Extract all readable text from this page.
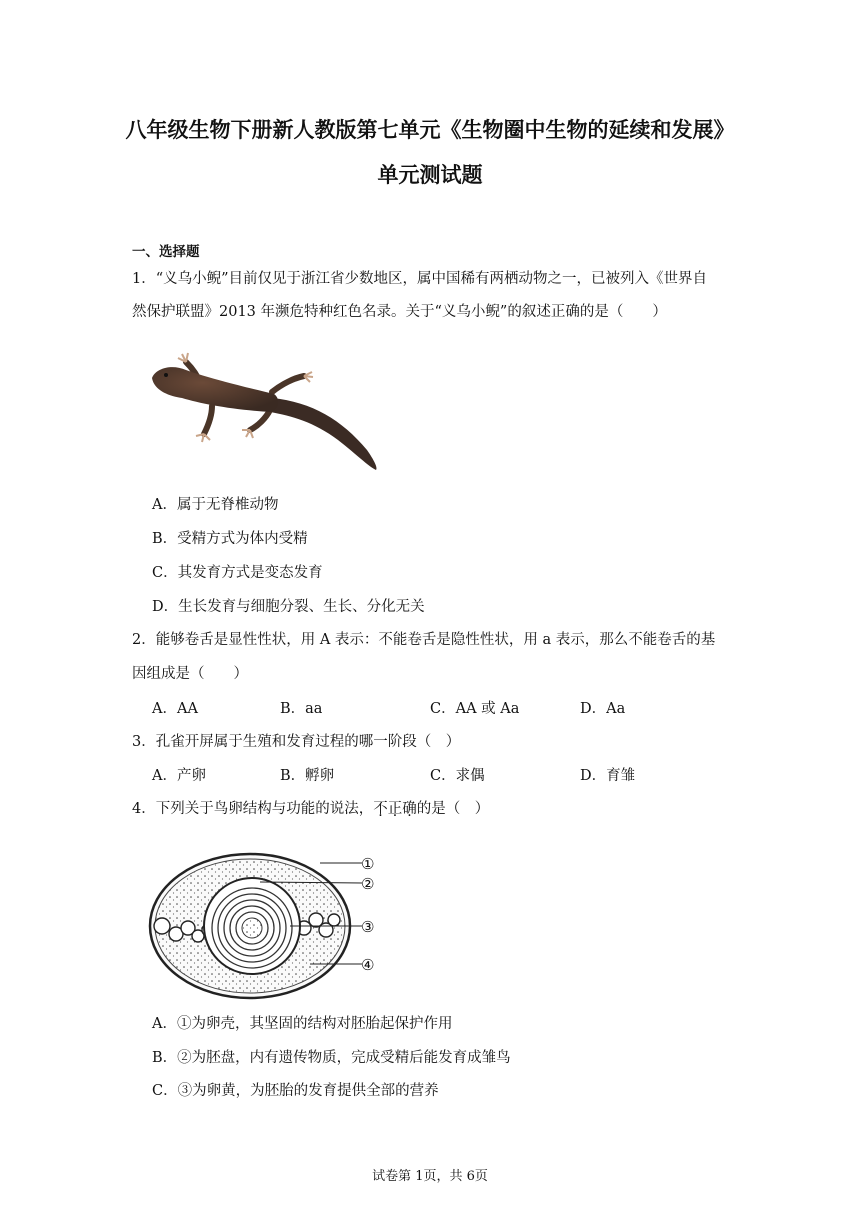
八年级生物下册新人教版第七单元《生物圈中生物的延续和发展》
单元测试题
一、选择题
1．“义乌小鲵”目前仅见于浙江省少数地区，属中国稀有两栖动物之一，已被列入《世界自
然保护联盟》2013 年濒危特种红色名录。关于“义乌小鲵”的叙述正确的是（　　）
A．属于无脊椎动物
B．受精方式为体内受精
C．其发育方式是变态发育
D．生长发育与细胞分裂、生长、分化无关
2．能够卷舌是显性性状，用 A 表示：不能卷舌是隐性性状，用 a 表示，那么不能卷舌的基
因组成是（　　）
A．AA	B．aa	C．AA 或 Aa	D．Aa
3．孔雀开屏属于生殖和发育过程的哪一阶段（　）
A．产卵	B．孵卵	C．求偶	D．育雏
4．下列关于鸟卵结构与功能的说法，不正确的是（　）
①
②
③
④
A．①为卵壳，其坚固的结构对胚胎起保护作用
B．②为胚盘，内有遗传物质，完成受精后能发育成雏鸟
C．③为卵黄，为胚胎的发育提供全部的营养
试卷第 1页，共 6页
